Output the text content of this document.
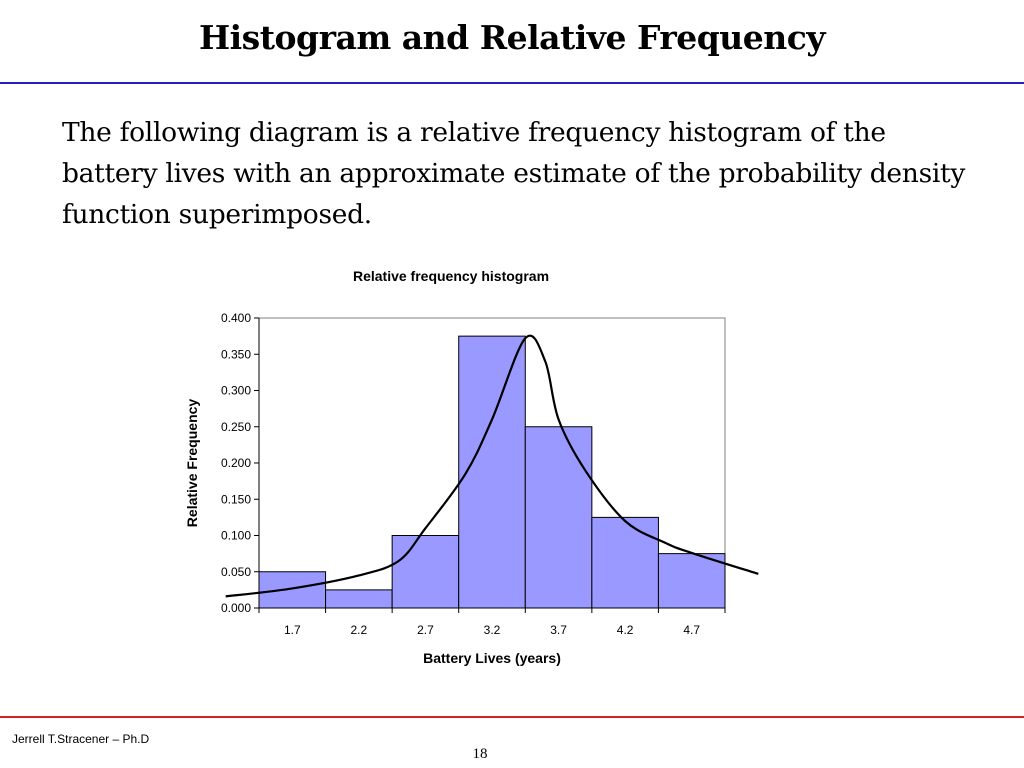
Histogram and Relative Frequency
The following diagram is a relative frequency histogram of the battery lives with an approximate estimate of the probability density function superimposed.
Relative frequency histogram
Relative Frequency
Battery Lives (years)
0.000
0.050
0.100
0.150
0.200
0.250
0.300
0.350
0.400
1.7	2.2	2.7	3.2	3.7	4.2	4.7
Jerrell T.Stracener – Ph.D
18
